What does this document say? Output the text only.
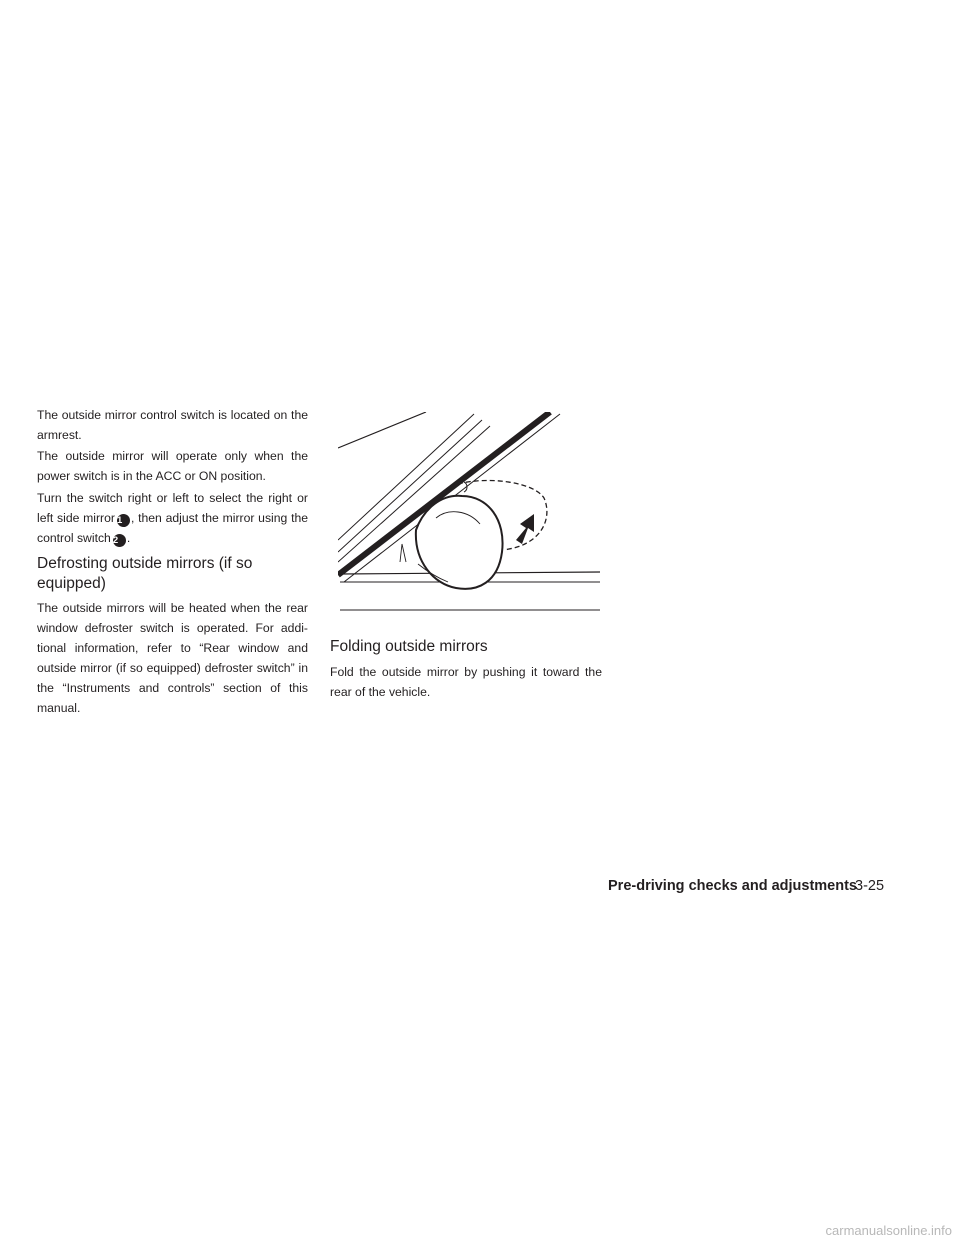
The outside mirror control switch is located on the armrest.

The outside mirror will operate only when the power switch is in the ACC or ON position.

Turn the switch right or left to select the right or left side mirror 1 , then adjust the mirror using the control switch 2 .

Defrosting outside mirrors (if so equipped)

The outside mirrors will be heated when the rear window defroster switch is operated. For addi-tional information, refer to “Rear window and outside mirror (if so equipped) defroster switch” in the “Instruments and controls” section of this manual.

Folding outside mirrors

Fold the outside mirror by pushing it toward the rear of the vehicle.

Pre-driving checks and adjustments
3-25
carmanualsonline.info
